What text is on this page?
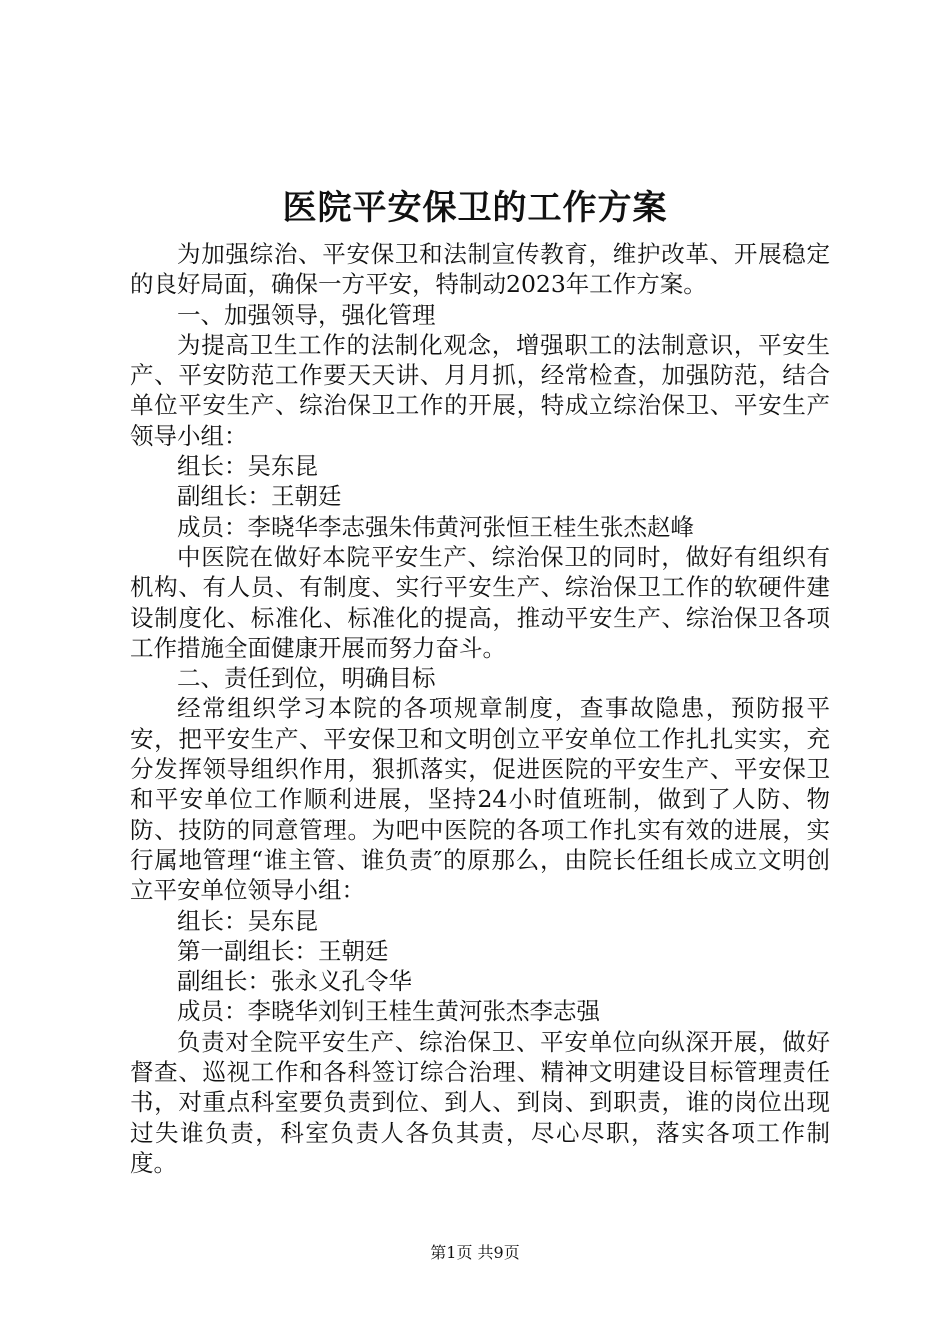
医院平安保卫的工作方案

为加强综治、平安保卫和法制宣传教育，维护改革、开展稳定的良好局面，确保一方平安，特制动2023年工作方案。

一、加强领导，强化管理

为提高卫生工作的法制化观念，增强职工的法制意识，平安生产、平安防范工作要天天讲、月月抓，经常检查，加强防范，结合单位平安生产、综治保卫工作的开展，特成立综治保卫、平安生产领导小组：

组长：吴东昆

副组长：王朝廷

成员：李晓华李志强朱伟黄河张恒王桂生张杰赵峰

中医院在做好本院平安生产、综治保卫的同时，做好有组织有机构、有人员、有制度、实行平安生产、综治保卫工作的软硬件建设制度化、标准化、标准化的提高，推动平安生产、综治保卫各项工作措施全面健康开展而努力奋斗。

二、责任到位，明确目标

经常组织学习本院的各项规章制度，查事故隐患，预防报平安，把平安生产、平安保卫和文明创立平安单位工作扎扎实实，充分发挥领导组织作用，狠抓落实，促进医院的平安生产、平安保卫和平安单位工作顺利进展，坚持24小时值班制，做到了人防、物防、技防的同意管理。为吧中医院的各项工作扎实有效的进展，实行属地管理“谁主管、谁负责″的原那么，由院长任组长成立文明创立平安单位领导小组：

组长：吴东昆

第一副组长：王朝廷

副组长：张永义孔令华

成员：李晓华刘钊王桂生黄河张杰李志强

负责对全院平安生产、综治保卫、平安单位向纵深开展，做好督查、巡视工作和各科签订综合治理、精神文明建设目标管理责任书，对重点科室要负责到位、到人、到岗、到职责，谁的岗位出现过失谁负责，科室负责人各负其责，尽心尽职，落实各项工作制度。

第1页 共9页
